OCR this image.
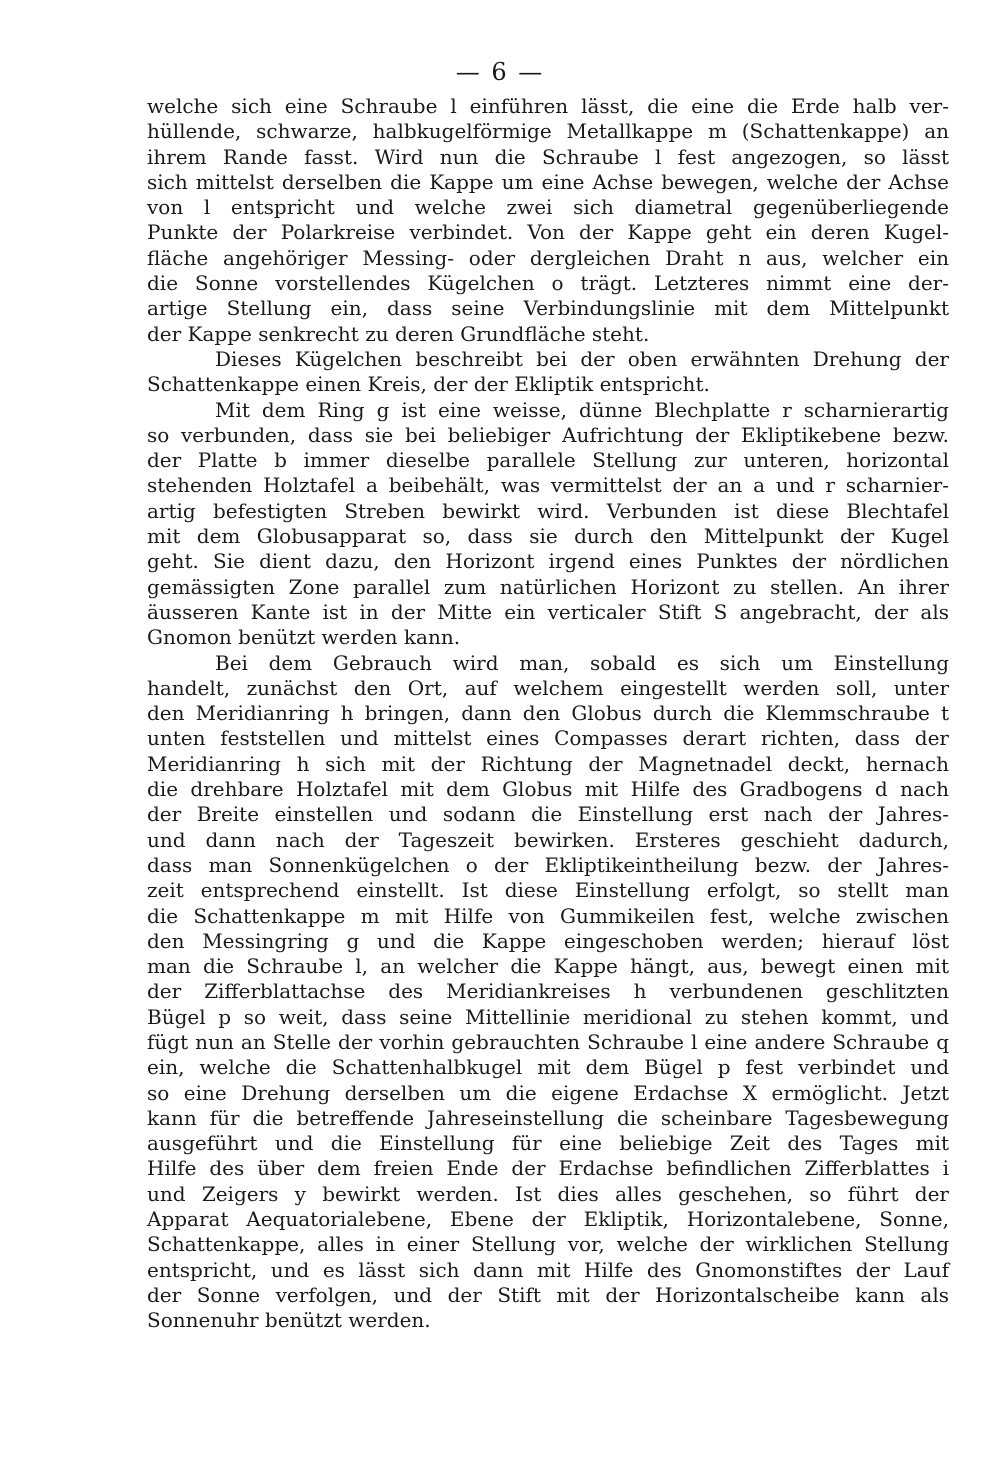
— 6 —
welche sich eine Schraube l einführen lässt, die eine die Erde halb ver-
hüllende, schwarze, halbkugelförmige Metallkappe m (Schattenkappe) an
ihrem Rande fasst. Wird nun die Schraube l fest angezogen, so lässt
sich mittelst derselben die Kappe um eine Achse bewegen, welche der Achse
von l entspricht und welche zwei sich diametral gegenüberliegende
Punkte der Polarkreise verbindet. Von der Kappe geht ein deren Kugel-
fläche angehöriger Messing- oder dergleichen Draht n aus, welcher ein
die Sonne vorstellendes Kügelchen o trägt. Letzteres nimmt eine der-
artige Stellung ein, dass seine Verbindungslinie mit dem Mittelpunkt
der Kappe senkrecht zu deren Grundfläche steht.
Dieses Kügelchen beschreibt bei der oben erwähnten Drehung der
Schattenkappe einen Kreis, der der Ekliptik entspricht.
Mit dem Ring g ist eine weisse, dünne Blechplatte r scharnierartig
so verbunden, dass sie bei beliebiger Aufrichtung der Ekliptikebene bezw.
der Platte b immer dieselbe parallele Stellung zur unteren, horizontal
stehenden Holztafel a beibehält, was vermittelst der an a und r scharnier-
artig befestigten Streben bewirkt wird. Verbunden ist diese Blechtafel
mit dem Globusapparat so, dass sie durch den Mittelpunkt der Kugel
geht. Sie dient dazu, den Horizont irgend eines Punktes der nördlichen
gemässigten Zone parallel zum natürlichen Horizont zu stellen. An ihrer
äusseren Kante ist in der Mitte ein verticaler Stift S angebracht, der als
Gnomon benützt werden kann.
Bei dem Gebrauch wird man, sobald es sich um Einstellung
handelt, zunächst den Ort, auf welchem eingestellt werden soll, unter
den Meridianring h bringen, dann den Globus durch die Klemmschraube t
unten feststellen und mittelst eines Compasses derart richten, dass der
Meridianring h sich mit der Richtung der Magnetnadel deckt, hernach
die drehbare Holztafel mit dem Globus mit Hilfe des Gradbogens d nach
der Breite einstellen und sodann die Einstellung erst nach der Jahres-
und dann nach der Tageszeit bewirken. Ersteres geschieht dadurch,
dass man Sonnenkügelchen o der Ekliptikeintheilung bezw. der Jahres-
zeit entsprechend einstellt. Ist diese Einstellung erfolgt, so stellt man
die Schattenkappe m mit Hilfe von Gummikeilen fest, welche zwischen
den Messingring g und die Kappe eingeschoben werden; hierauf löst
man die Schraube l, an welcher die Kappe hängt, aus, bewegt einen mit
der Zifferblattachse des Meridiankreises h verbundenen geschlitzten
Bügel p so weit, dass seine Mittellinie meridional zu stehen kommt, und
fügt nun an Stelle der vorhin gebrauchten Schraube l eine andere Schraube q
ein, welche die Schattenhalbkugel mit dem Bügel p fest verbindet und
so eine Drehung derselben um die eigene Erdachse X ermöglicht. Jetzt
kann für die betreffende Jahreseinstellung die scheinbare Tagesbewegung
ausgeführt und die Einstellung für eine beliebige Zeit des Tages mit
Hilfe des über dem freien Ende der Erdachse befindlichen Zifferblattes i
und Zeigers y bewirkt werden. Ist dies alles geschehen, so führt der
Apparat Aequatorialebene, Ebene der Ekliptik, Horizontalebene, Sonne,
Schattenkappe, alles in einer Stellung vor, welche der wirklichen Stellung
entspricht, und es lässt sich dann mit Hilfe des Gnomonstiftes der Lauf
der Sonne verfolgen, und der Stift mit der Horizontalscheibe kann als
Sonnenuhr benützt werden.
